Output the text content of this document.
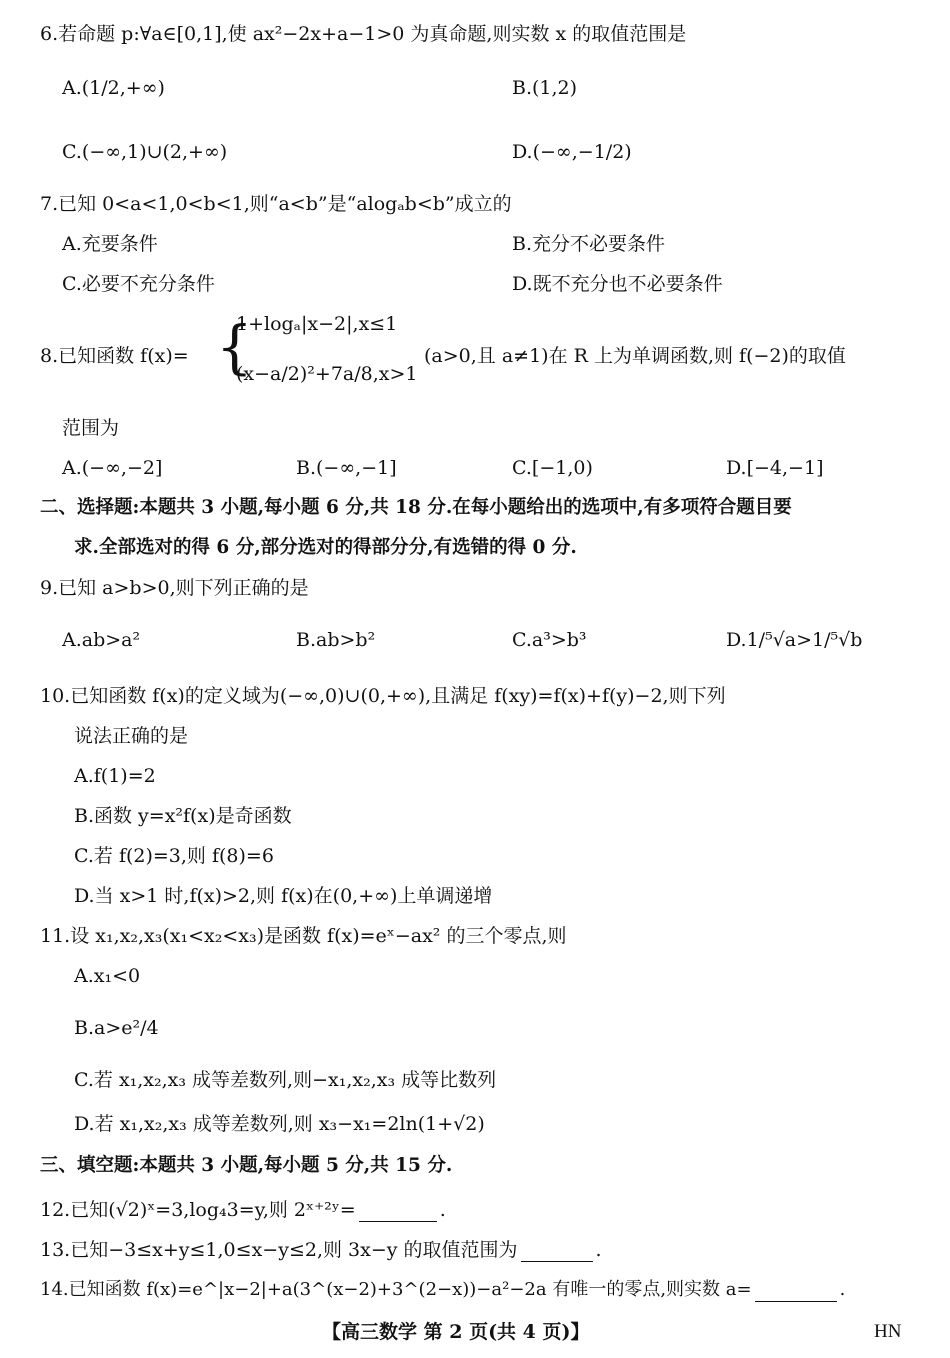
6.若命题 p:∀a∈[0,1],使 ax²−2x+a−1>0 为真命题,则实数 x 的取值范围是
A.(1/2,+∞)	B.(1,2)
C.(−∞,1)∪(2,+∞)	D.(−∞,−1/2)
7.已知 0<a<1,0<b<1,则“a<b”是“alogₐb<b”成立的
A.充要条件	B.充分不必要条件
C.必要不充分条件	D.既不充分也不必要条件
8.已知函数 f(x)= {
1+logₐ|x−2|,x≤1
(x−a/2)²+7a/8,x>1
(a>0,且 a≠1)在 R 上为单调函数,则 f(−2)的取值
范围为
A.(−∞,−2]	B.(−∞,−1]	C.[−1,0)	D.[−4,−1]
二、选择题:本题共 3 小题,每小题 6 分,共 18 分.在每小题给出的选项中,有多项符合题目要
求.全部选对的得 6 分,部分选对的得部分分,有选错的得 0 分.
9.已知 a>b>0,则下列正确的是
A.ab>a²	B.ab>b²	C.a³>b³	D.1/⁵√a>1/⁵√b
10.已知函数 f(x)的定义域为(−∞,0)∪(0,+∞),且满足 f(xy)=f(x)+f(y)−2,则下列
说法正确的是
A.f(1)=2
B.函数 y=x²f(x)是奇函数
C.若 f(2)=3,则 f(8)=6
D.当 x>1 时,f(x)>2,则 f(x)在(0,+∞)上单调递增
11.设 x₁,x₂,x₃(x₁<x₂<x₃)是函数 f(x)=eˣ−ax² 的三个零点,则
A.x₁<0
B.a>e²/4
C.若 x₁,x₂,x₃ 成等差数列,则−x₁,x₂,x₃ 成等比数列
D.若 x₁,x₂,x₃ 成等差数列,则 x₃−x₁=2ln(1+√2)
三、填空题:本题共 3 小题,每小题 5 分,共 15 分.
12.已知(√2)ˣ=3,log₄3=y,则 2ˣ⁺²ʸ=	.
13.已知−3≤x+y≤1,0≤x−y≤2,则 3x−y 的取值范围为	.
14.已知函数 f(x)=e^|x−2|+a(3^(x−2)+3^(2−x))−a²−2a 有唯一的零点,则实数 a=	.
【高三数学 第 2 页(共 4 页)】	HN
